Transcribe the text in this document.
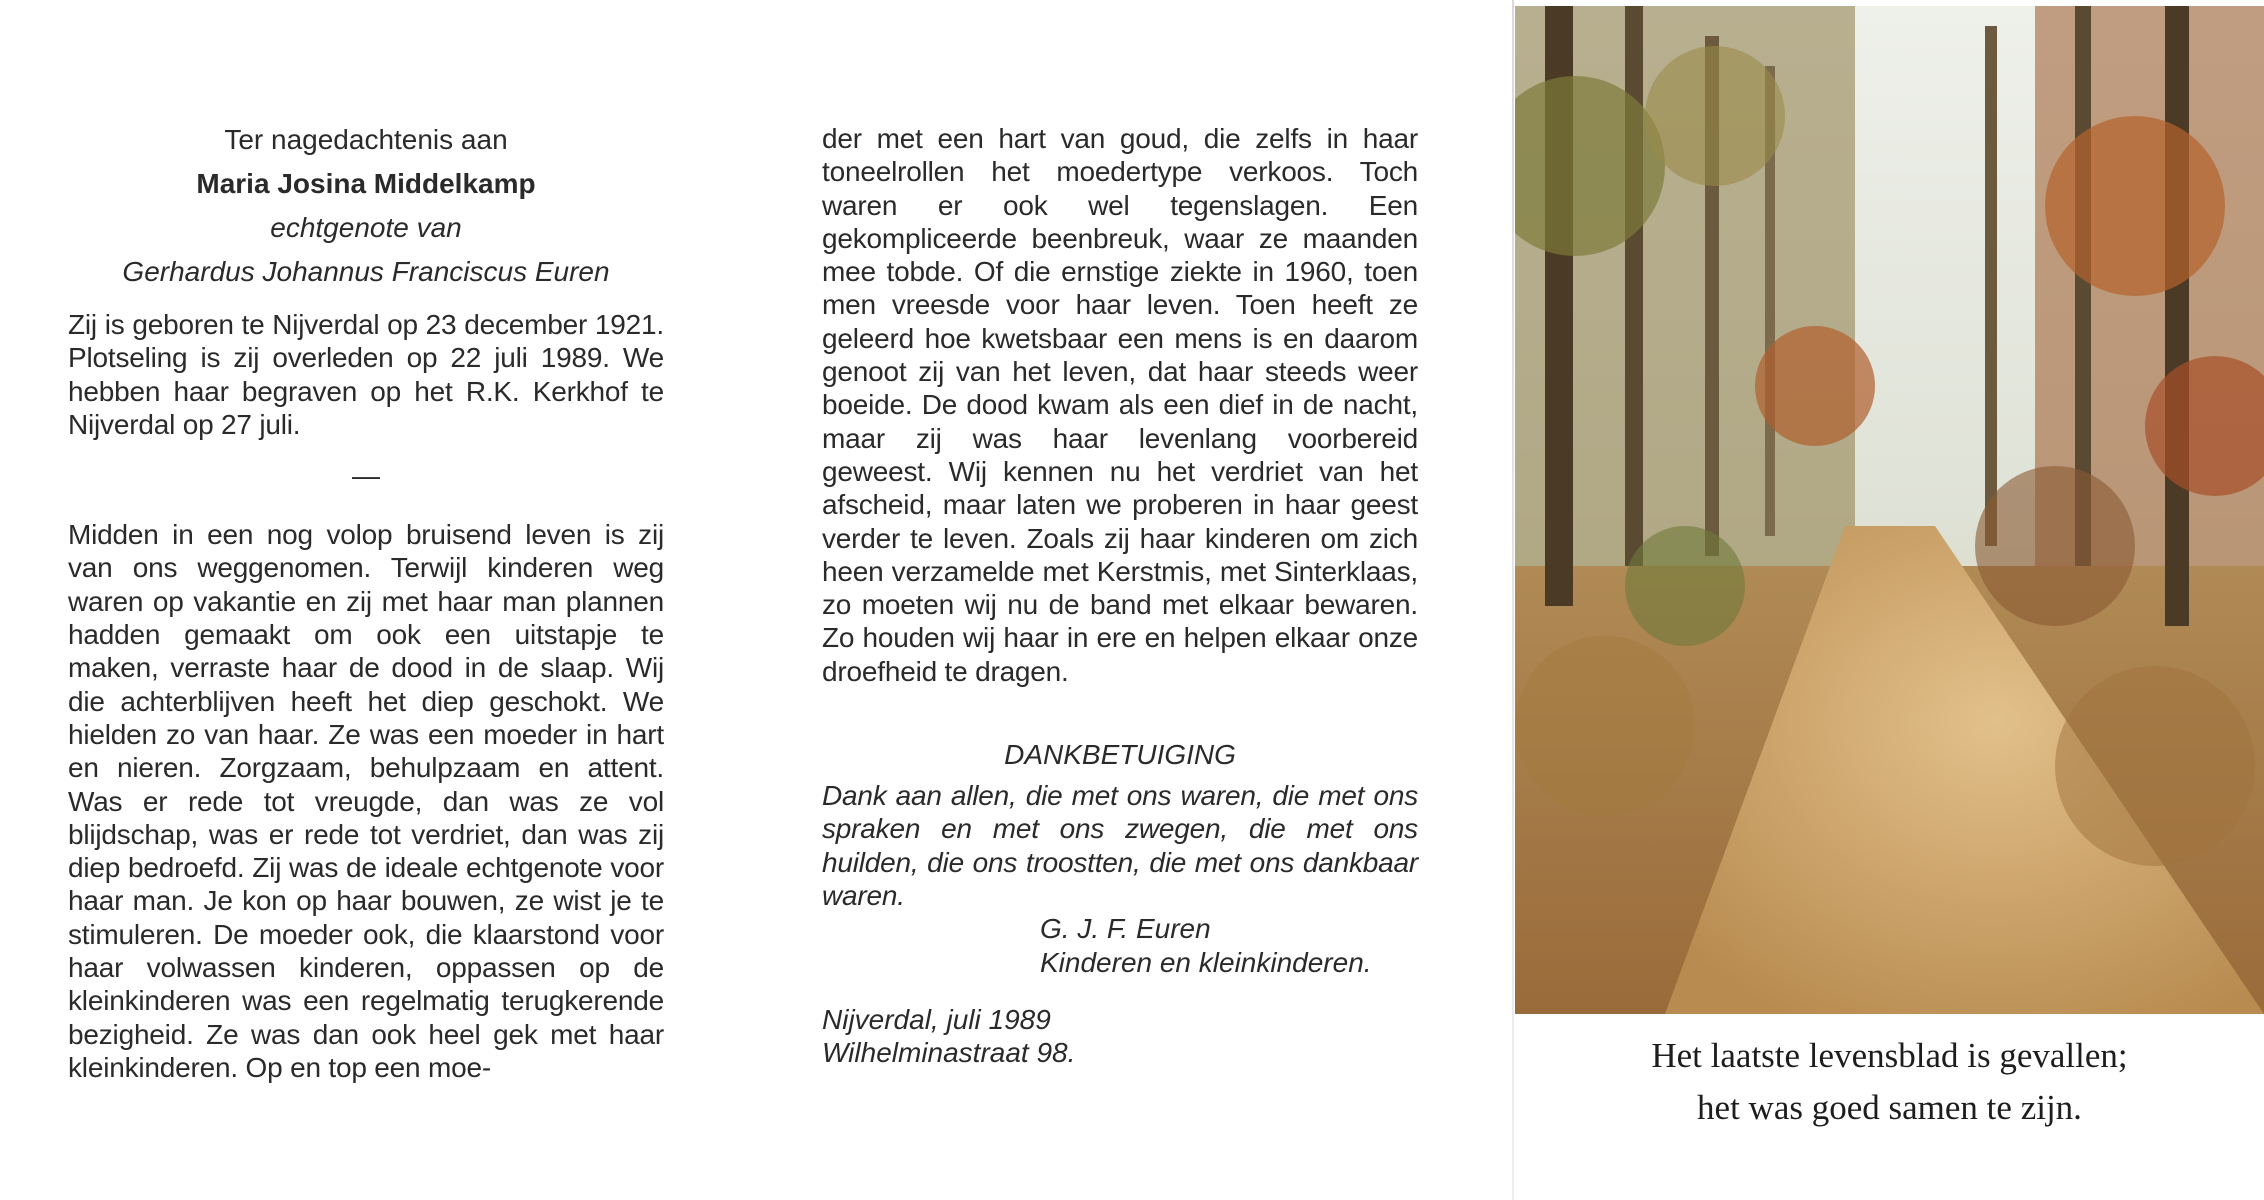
Ter nagedachtenis aan

Maria Josina Middelkamp

echtgenote van

Gerhardus Johannus Franciscus Euren

Zij is geboren te Nijverdal op 23 december 1921. Plotseling is zij overleden op 22 juli 1989. We hebben haar begraven op het R.K. Kerkhof te Nijverdal op 27 juli.

—

Midden in een nog volop bruisend leven is zij van ons weggenomen. Terwijl kinderen weg waren op vakantie en zij met haar man plannen hadden gemaakt om ook een uitstapje te maken, verraste haar de dood in de slaap. Wij die achterblijven heeft het diep geschokt. We hielden zo van haar. Ze was een moeder in hart en nieren. Zorgzaam, behulpzaam en attent. Was er rede tot vreugde, dan was ze vol blijdschap, was er rede tot verdriet, dan was zij diep bedroefd. Zij was de ideale echtgenote voor haar man. Je kon op haar bouwen, ze wist je te stimuleren. De moeder ook, die klaarstond voor haar volwassen kinderen, oppassen op de kleinkinderen was een regelmatig terugkerende bezigheid. Ze was dan ook heel gek met haar kleinkinderen. Op en top een moe-

der met een hart van goud, die zelfs in haar toneelrollen het moedertype verkoos. Toch waren er ook wel tegenslagen. Een gekompliceerde beenbreuk, waar ze maanden mee tobde. Of die ernstige ziekte in 1960, toen men vreesde voor haar leven. Toen heeft ze geleerd hoe kwetsbaar een mens is en daarom genoot zij van het leven, dat haar steeds weer boeide. De dood kwam als een dief in de nacht, maar zij was haar levenlang voorbereid geweest. Wij kennen nu het verdriet van het afscheid, maar laten we proberen in haar geest verder te leven. Zoals zij haar kinderen om zich heen verzamelde met Kerstmis, met Sinterklaas, zo moeten wij nu de band met elkaar bewaren. Zo houden wij haar in ere en helpen elkaar onze droefheid te dragen.

DANKBETUIGING

Dank aan allen, die met ons waren, die met ons spraken en met ons zwegen, die met ons huilden, die ons troostten, die met ons dankbaar waren.

G. J. F. Euren
Kinderen en kleinkinderen.
Nijverdal, juli 1989
Wilhelminastraat 98.	Het laatste levensblad is gevallen;

het was goed samen te zijn.
